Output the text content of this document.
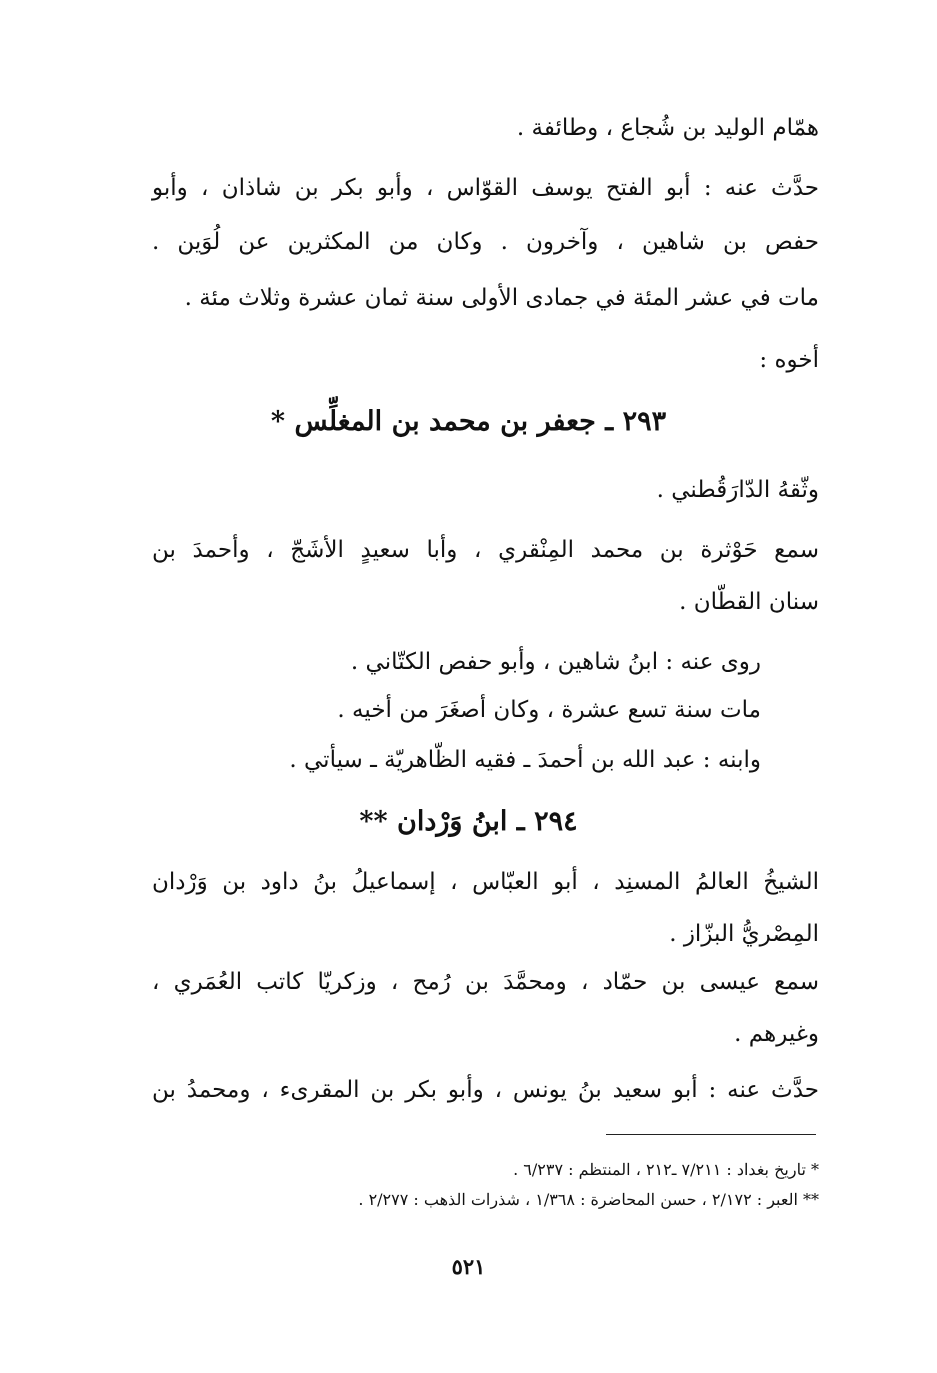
همّام الوليد بن شُجاع ، وطائفة .
حدَّث عنه : أبو الفتح يوسف القوّاس ، وأبو بكر بن شاذان ، وأبو
حفص بن شاهين ، وآخرون . وكان من المكثرين عن لُوَين .
مات في عشر المئة في جمادى الأولى سنة ثمان عشرة وثلاث مئة .
أخوه :
٢٩٣ ـ جعفر بن محمد بن المغلِّس *
وثّقهُ الدّارَقُطني .
سمع حَوْثرة بن محمد المِنْقري ، وأبا سعيدٍ الأشَجّ ، وأحمدَ بن
سنان القطّان .
روى عنه : ابنُ شاهين ، وأبو حفص الكتّاني .
مات سنة تسع عشرة ، وكان أصغَرَ من أخيه .
وابنه : عبد الله بن أحمدَ ـ فقيه الظّاهريّة ـ سيأتي .
٢٩٤ ـ ابنُ وَرْدان **
الشيخُ العالمُ المسنِد ، أبو العبّاس ، إسماعيلُ بنُ داود بن وَرْدان
المِصْريُّ البزّاز .
سمع عيسى بن حمّاد ، ومحمَّدَ بن رُمح ، وزكريّا كاتب العُمَري ،
وغيرهم .
حدَّث عنه : أبو سعيد بنُ يونس ، وأبو بكر بن المقرىء ، ومحمدُ بن
* تاريخ بغداد : ٧/٢١١ ـ٢١٢ ، المنتظم : ٦/٢٣٧ .
** العبر : ٢/١٧٢ ، حسن المحاضرة : ١/٣٦٨ ، شذرات الذهب : ٢/٢٧٧ .
٥٢١
